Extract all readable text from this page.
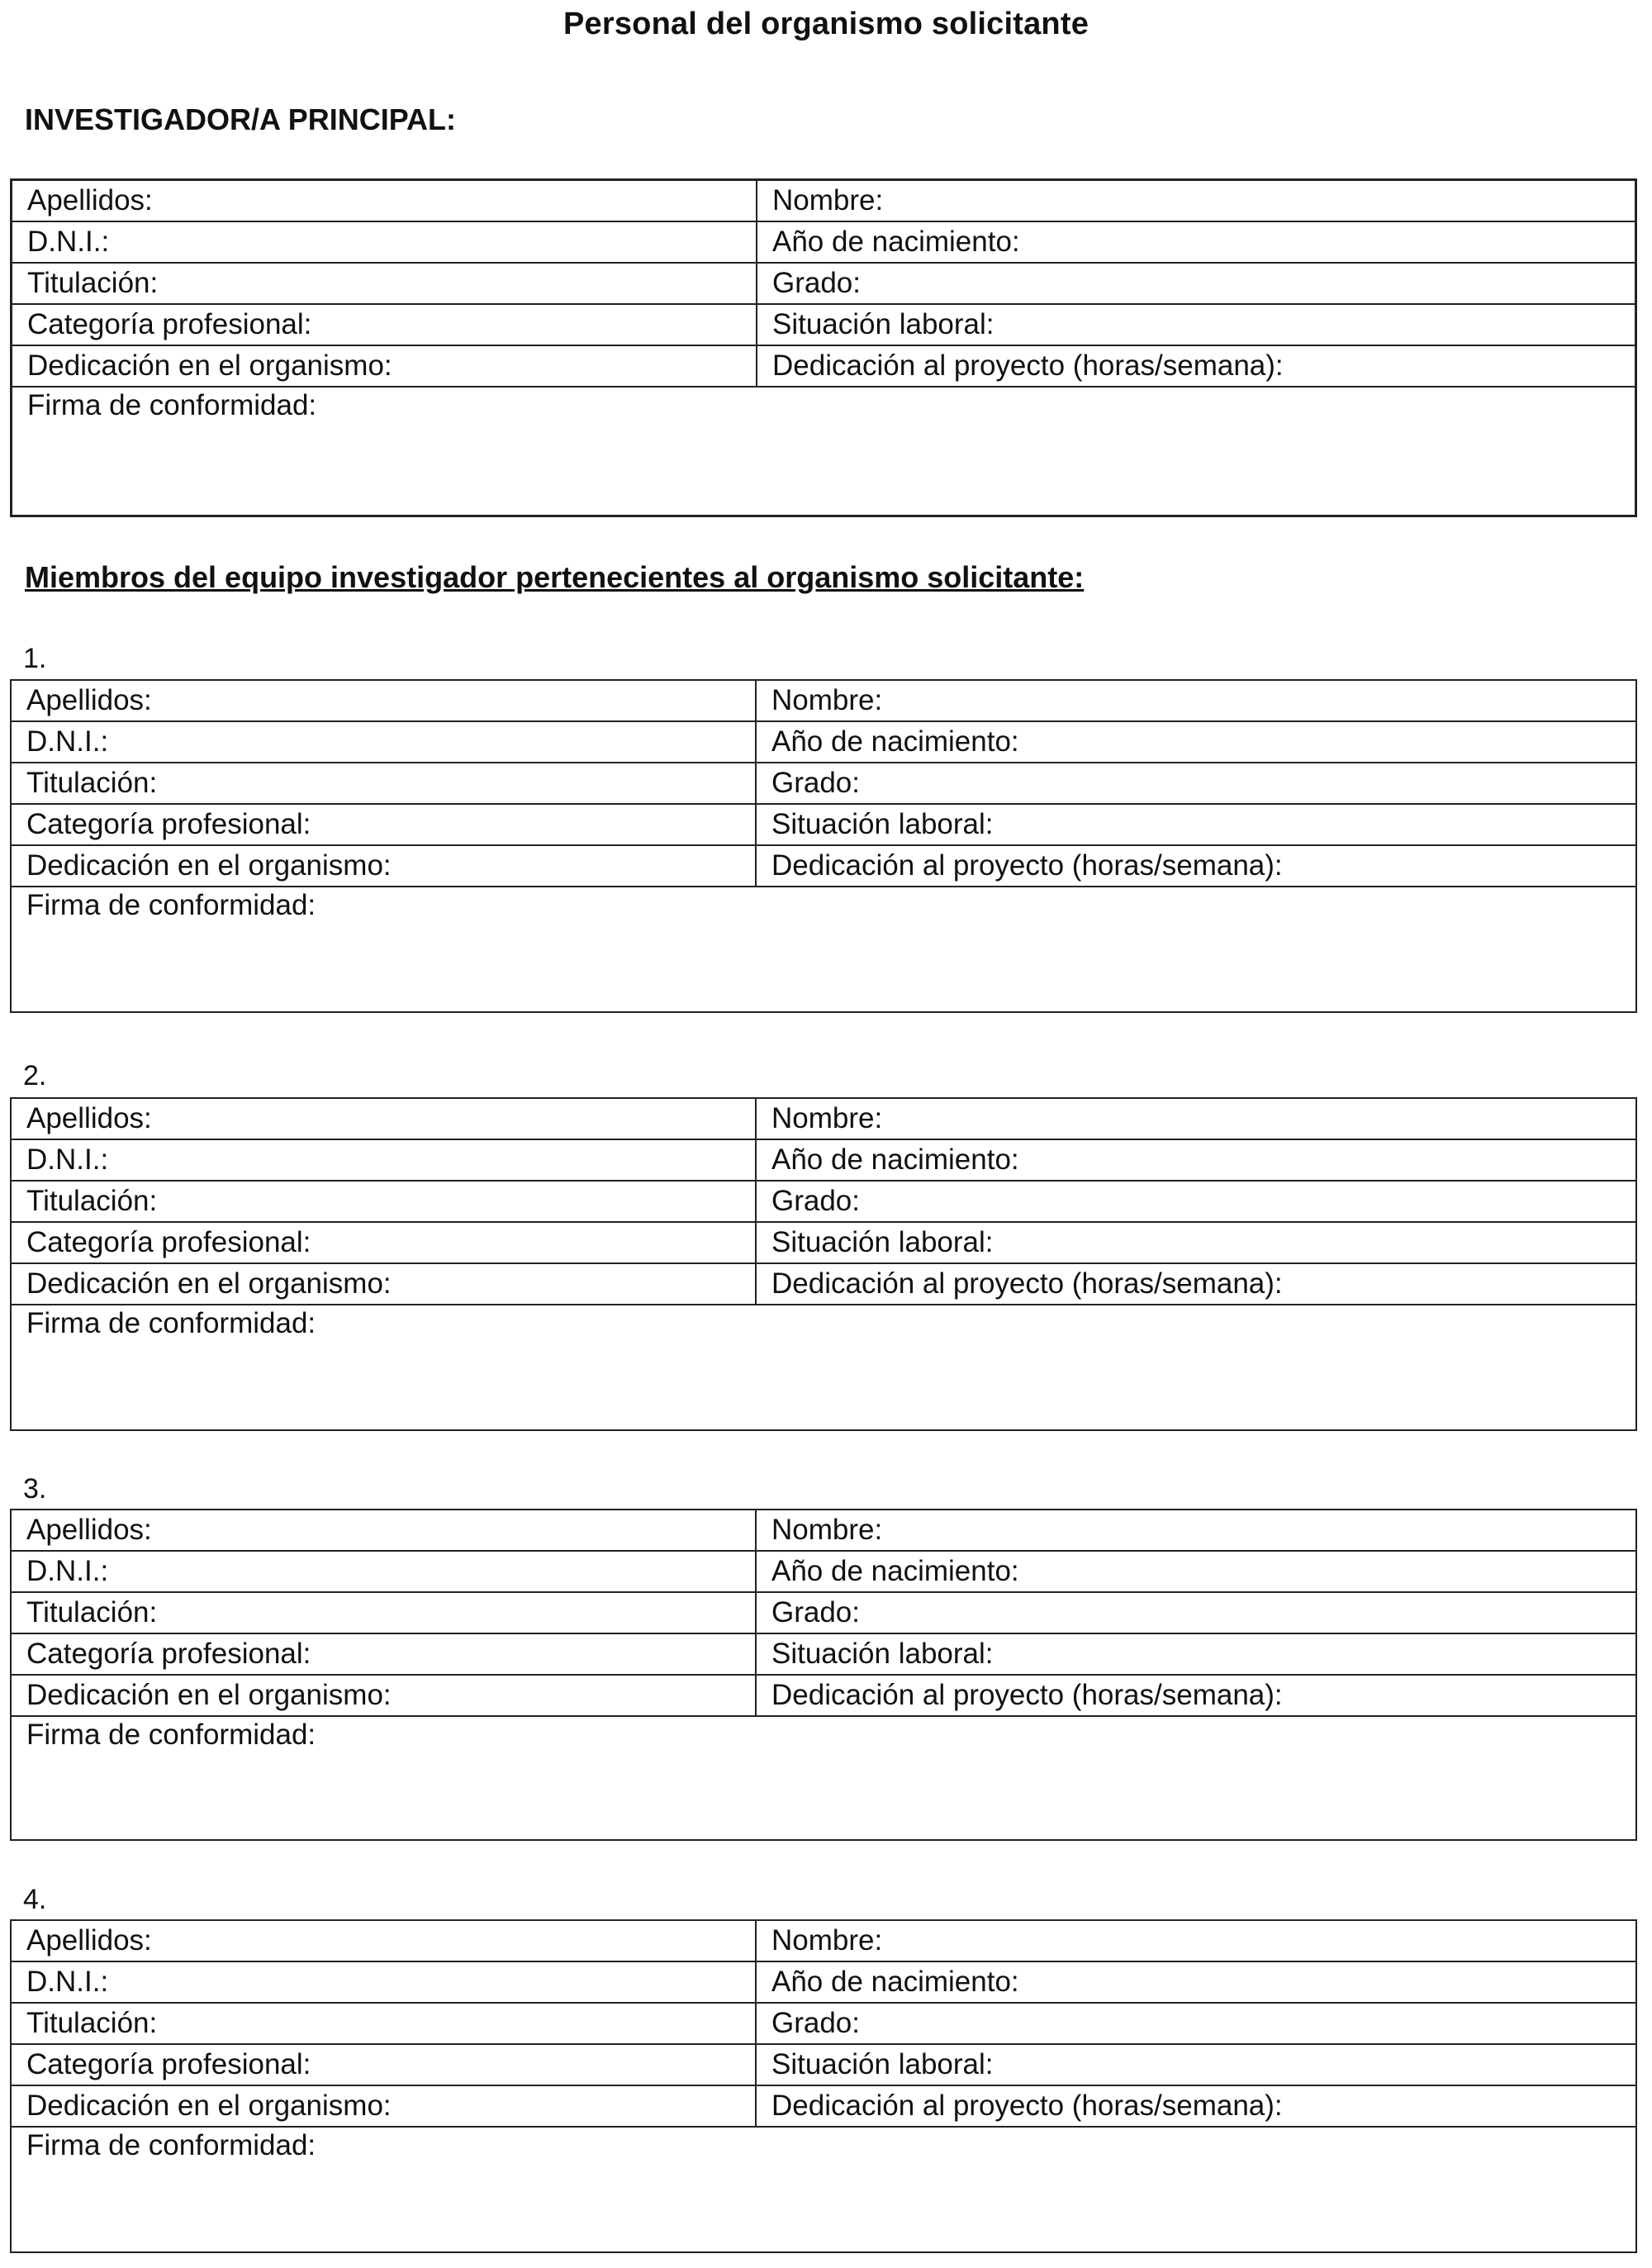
Personal del organismo solicitante
INVESTIGADOR/A PRINCIPAL:
Apellidos:	Nombre:
D.N.I.:	Año de nacimiento:
Titulación:	Grado:
Categoría profesional:	Situación laboral:
Dedicación en el organismo:	Dedicación al proyecto (horas/semana):
Firma de conformidad:
Miembros del equipo investigador pertenecientes al organismo solicitante:
1.
Apellidos:	Nombre:
D.N.I.:	Año de nacimiento:
Titulación:	Grado:
Categoría profesional:	Situación laboral:
Dedicación en el organismo:	Dedicación al proyecto (horas/semana):
Firma de conformidad:
2.
Apellidos:	Nombre:
D.N.I.:	Año de nacimiento:
Titulación:	Grado:
Categoría profesional:	Situación laboral:
Dedicación en el organismo:	Dedicación al proyecto (horas/semana):
Firma de conformidad:
3.
Apellidos:	Nombre:
D.N.I.:	Año de nacimiento:
Titulación:	Grado:
Categoría profesional:	Situación laboral:
Dedicación en el organismo:	Dedicación al proyecto (horas/semana):
Firma de conformidad:
4.
Apellidos:	Nombre:
D.N.I.:	Año de nacimiento:
Titulación:	Grado:
Categoría profesional:	Situación laboral:
Dedicación en el organismo:	Dedicación al proyecto (horas/semana):
Firma de conformidad:
